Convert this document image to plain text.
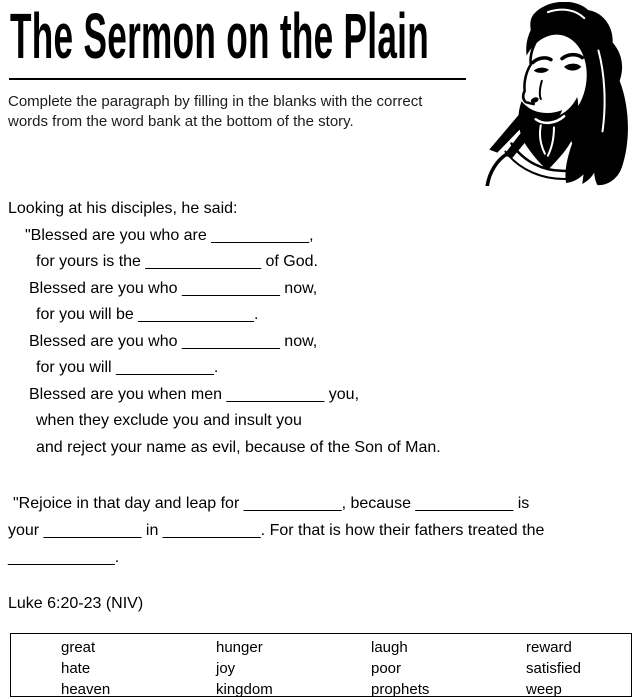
The Sermon on the Plain
Complete the paragraph by filling in the blanks with the correct
words from the word bank at the bottom of the story.
Looking at his disciples, he said:
"Blessed are you who are ___________,
for yours is the _____________ of God.
Blessed are you who ___________ now,
for you will be _____________.
Blessed are you who ___________ now,
for you will ___________.
Blessed are you when men ___________ you,
when they exclude you and insult you
and reject your name as evil, because of the Son of Man.
"Rejoice in that day and leap for ___________, because ___________ is
your ___________ in ___________. For that is how their fathers treated the
____________.
Luke 6:20-23 (NIV)
great
hate
heaven
hunger
joy
kingdom
laugh
poor
prophets
reward
satisfied
weep
